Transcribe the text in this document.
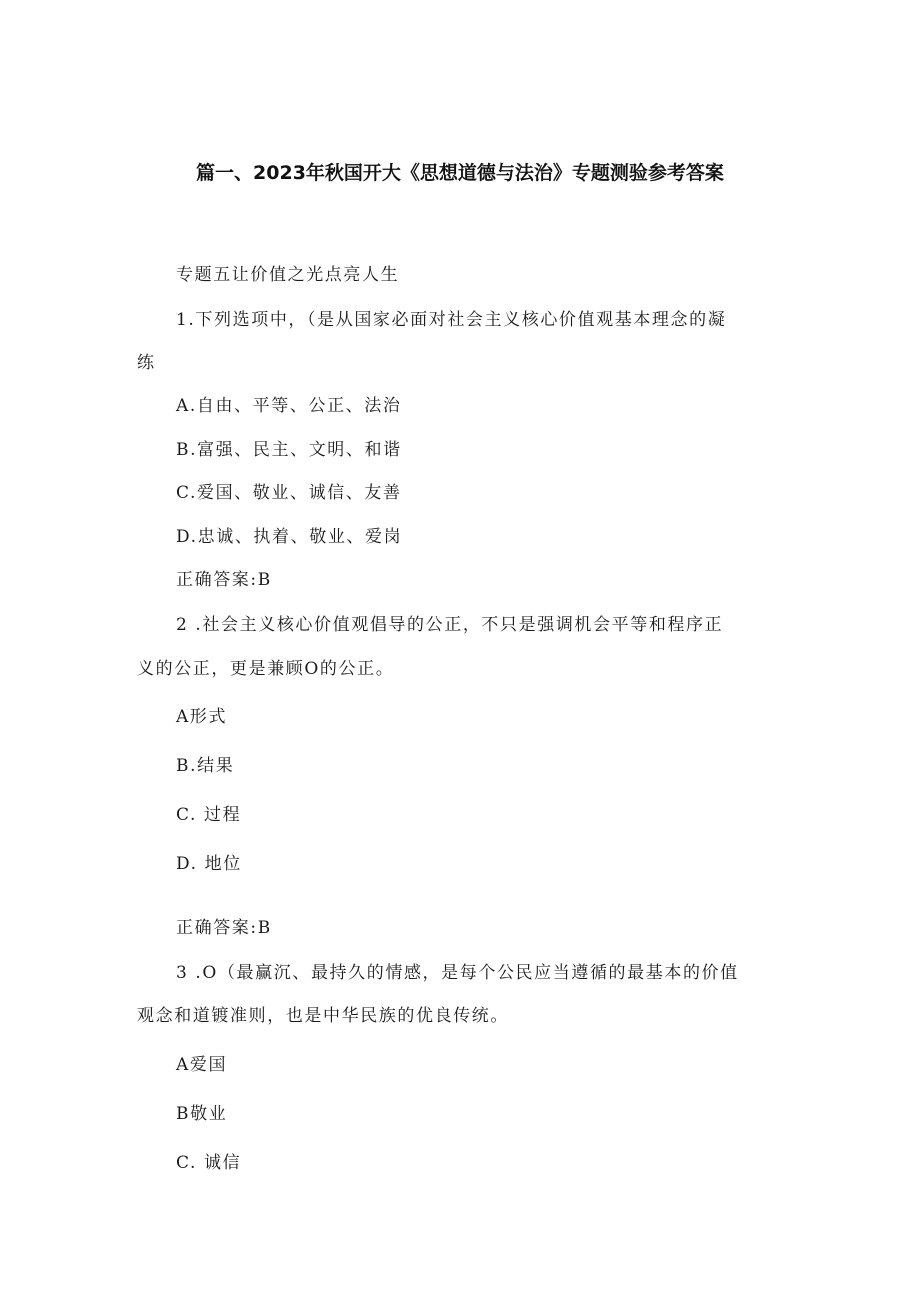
篇一、2023年秋国开大《思想道德与法治》专题测验参考答案
专题五让价值之光点亮人生
1.下列选项中，（是从国家必面对社会主义核心价值观基本理念的凝
练
A.自由、平等、公正、法治
B.富强、民主、文明、和谐
C.爱国、敬业、诚信、友善
D.忠诚、执着、敬业、爱岗
正确答案:B
2 .社会主义核心价值观倡导的公正，不只是强调机会平等和程序正
义的公正，更是兼顾O的公正。
A形式
B.结果
C. 过程
D. 地位
正确答案:B
3 .O（最赢沉、最持久的情感，是每个公民应当遵循的最基本的价值
观念和道镀准则，也是中华民族的优良传统。
A爱国
B敬业
C. 诚信
